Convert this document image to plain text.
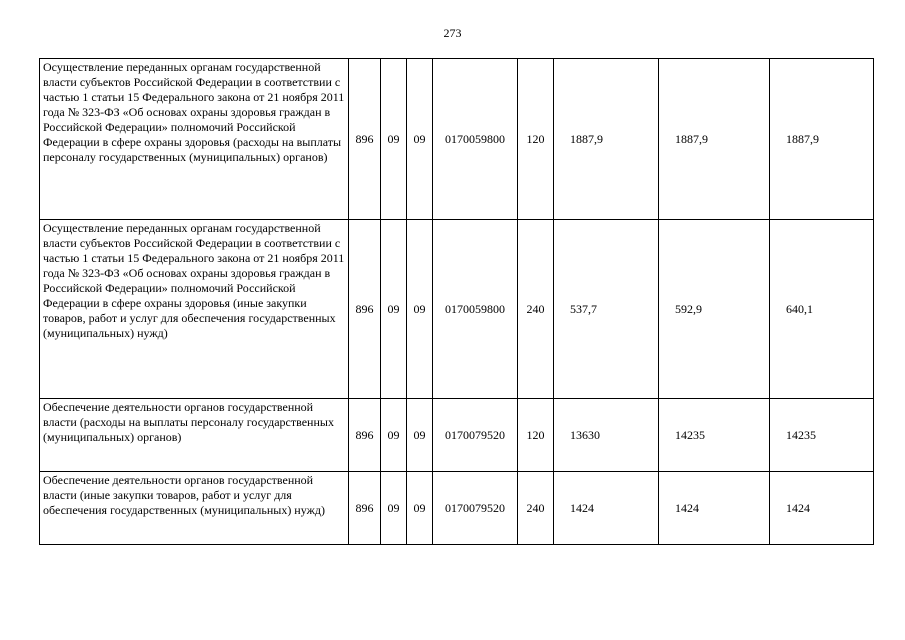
273
Осуществление переданных органам государственной власти субъектов Российской Федерации в соответствии с частью 1 статьи 15 Федерального закона от 21 ноября 2011 года № 323-ФЗ «Об основах охраны здоровья граждан в Российской Федерации» полномочий Российской Федерации в сфере охраны здоровья (расходы на выплаты персоналу государственных (муниципальных) органов)	896	09	09	0170059800	120	1887,9	1887,9	1887,9
Осуществление переданных органам государственной власти субъектов Российской Федерации в соответствии с частью 1 статьи 15 Федерального закона от 21 ноября 2011 года № 323-ФЗ «Об основах охраны здоровья граждан в Российской Федерации» полномочий Российской Федерации в сфере охраны здоровья (иные закупки товаров, работ и услуг для обеспечения государственных (муниципальных) нужд)	896	09	09	0170059800	240	537,7	592,9	640,1
Обеспечение деятельности органов государственной власти (расходы на выплаты персоналу государственных (муниципальных) органов)	896	09	09	0170079520	120	13630	14235	14235
Обеспечение деятельности органов государственной власти (иные закупки товаров, работ и услуг для обеспечения государственных (муниципальных) нужд)	896	09	09	0170079520	240	1424	1424	1424
